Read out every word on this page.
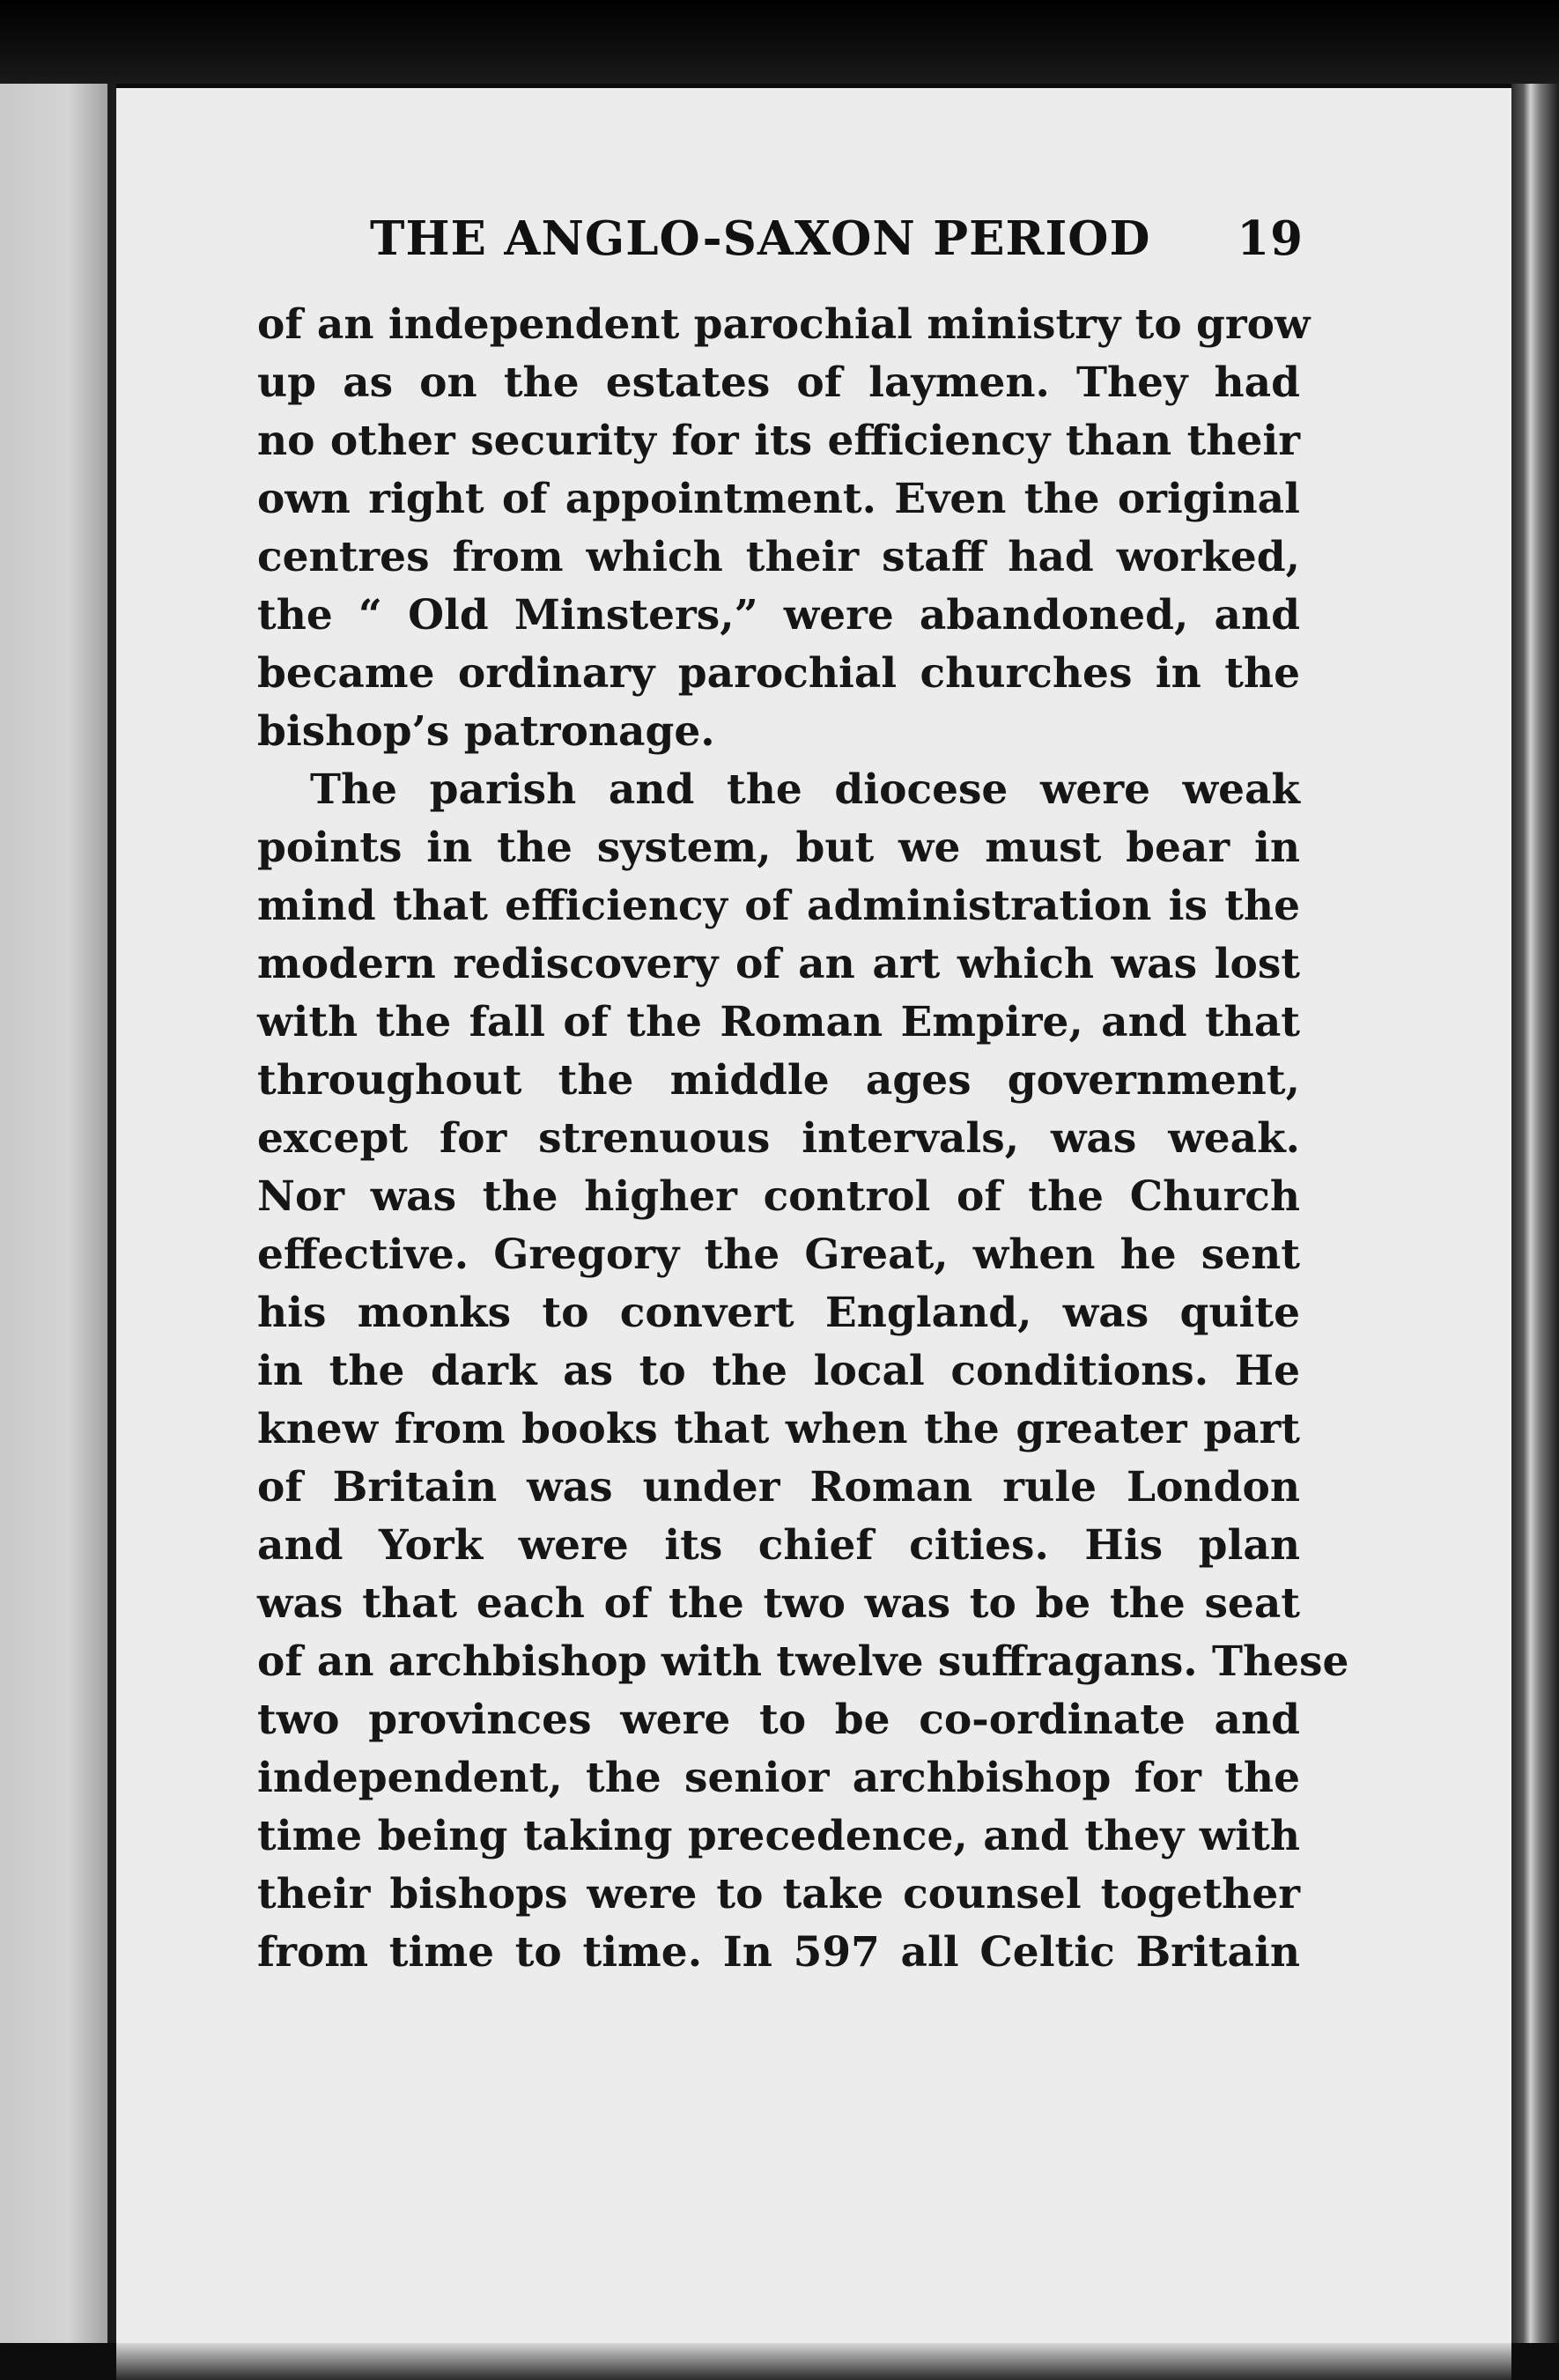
THE ANGLO-SAXON PERIOD 19
of an independent parochial ministry to grow
up as on the estates of laymen. They had
no other security for its efficiency than their
own right of appointment. Even the original
centres from which their staff had worked,
the “ Old Minsters,” were abandoned, and
became ordinary parochial churches in the
bishop’s patronage.
The parish and the diocese were weak
points in the system, but we must bear in
mind that efficiency of administration is the
modern rediscovery of an art which was lost
with the fall of the Roman Empire, and that
throughout the middle ages government,
except for strenuous intervals, was weak.
Nor was the higher control of the Church
effective. Gregory the Great, when he sent
his monks to convert England, was quite
in the dark as to the local conditions. He
knew from books that when the greater part
of Britain was under Roman rule London
and York were its chief cities. His plan
was that each of the two was to be the seat
of an archbishop with twelve suffragans. These
two provinces were to be co-ordinate and
independent, the senior archbishop for the
time being taking precedence, and they with
their bishops were to take counsel together
from time to time. In 597 all Celtic Britain
